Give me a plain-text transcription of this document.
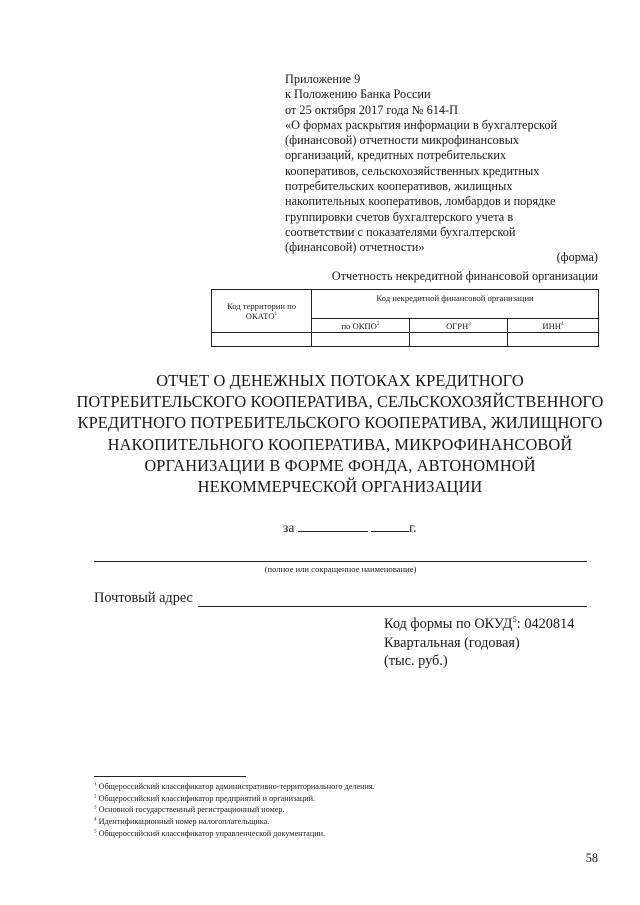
Приложение 9
к Положению Банка России
от 25 октября 2017 года № 614-П
«О формах раскрытия информации в бухгалтерской
(финансовой) отчетности микрофинансовых
организаций, кредитных потребительских
кооперативов, сельскохозяйственных кредитных
потребительских кооперативов, жилищных
накопительных кооперативов, ломбардов и порядке
группировки счетов бухгалтерского учета в
соответствии с показателями бухгалтерской
(финансовой) отчетности»
(форма)
Отчетность некредитной финансовой организации
Код территории по ОКАТО$^1$	Код некредитной финансовой организации		
	по ОКПО$^2$	ОГРН$^3$	ИНН$^4$

ОТЧЕТ О ДЕНЕЖНЫХ ПОТОКАХ КРЕДИТНОГО
ПОТРЕБИТЕЛЬСКОГО КООПЕРАТИВА, СЕЛЬСКОХОЗЯЙСТВЕННОГО
КРЕДИТНОГО ПОТРЕБИТЕЛЬСКОГО КООПЕРАТИВА, ЖИЛИЩНОГО
НАКОПИТЕЛЬНОГО КООПЕРАТИВА, МИКРОФИНАНСОВОЙ
ОРГАНИЗАЦИИ В ФОРМЕ ФОНДА, АВТОНОМНОЙ
НЕКОММЕРЧЕСКОЙ ОРГАНИЗАЦИИ
за	г.
(полное или сокращенное наименование)
Почтовый адрес
Код формы по ОКУД$^5$: 0420814
Квартальная (годовая)
(тыс. руб.)
$^1$ Общероссийский классификатор административно-территориального деления.
$^2$ Общероссийский классификатор предприятий и организаций.
$^3$ Основной государственный регистрационный номер.
$^4$ Идентификационный номер налогоплательщика.
$^5$ Общероссийский классификатор управленческой документации.
58
